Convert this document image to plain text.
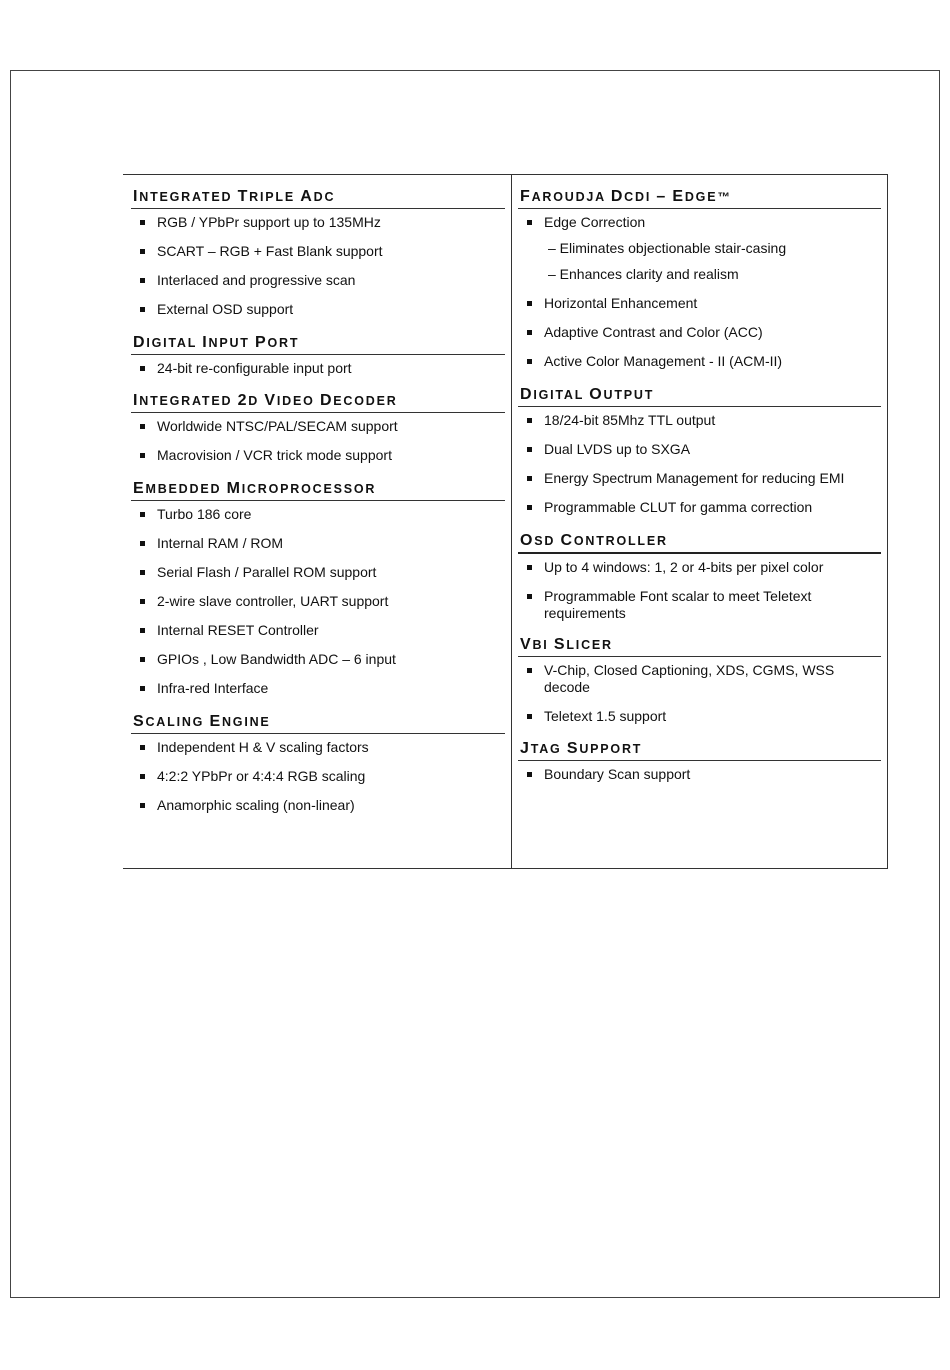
INTEGRATED TRIPLE ADC
RGB / YPbPr support up to 135MHz
SCART – RGB + Fast Blank support
Interlaced and progressive scan
External OSD support
DIGITAL INPUT PORT
24-bit re-configurable input port
INTEGRATED 2D VIDEO DECODER
Worldwide NTSC/PAL/SECAM support
Macrovision / VCR trick mode support
EMBEDDED MICROPROCESSOR
Turbo 186 core
Internal RAM / ROM
Serial Flash / Parallel ROM support
2-wire slave controller, UART support
Internal RESET Controller
GPIOs , Low Bandwidth ADC – 6 input
Infra-red Interface
SCALING ENGINE
Independent H & V scaling factors
4:2:2 YPbPr or 4:4:4 RGB scaling
Anamorphic scaling (non-linear)
FAROUDJA DCDI – EDGE™
Edge Correction
– Eliminates objectionable stair-casing
– Enhances clarity and realism
Horizontal Enhancement
Adaptive Contrast and Color (ACC)
Active Color Management - II (ACM-II)
DIGITAL OUTPUT
18/24-bit 85Mhz TTL output
Dual LVDS up to SXGA
Energy Spectrum Management for reducing EMI
Programmable CLUT for gamma correction
OSD CONTROLLER
Up to 4 windows: 1, 2 or 4-bits per pixel color
Programmable Font scalar to meet Teletext requirements
VBI SLICER
V-Chip, Closed Captioning, XDS, CGMS, WSS decode
Teletext 1.5 support
JTAG SUPPORT
Boundary Scan support
